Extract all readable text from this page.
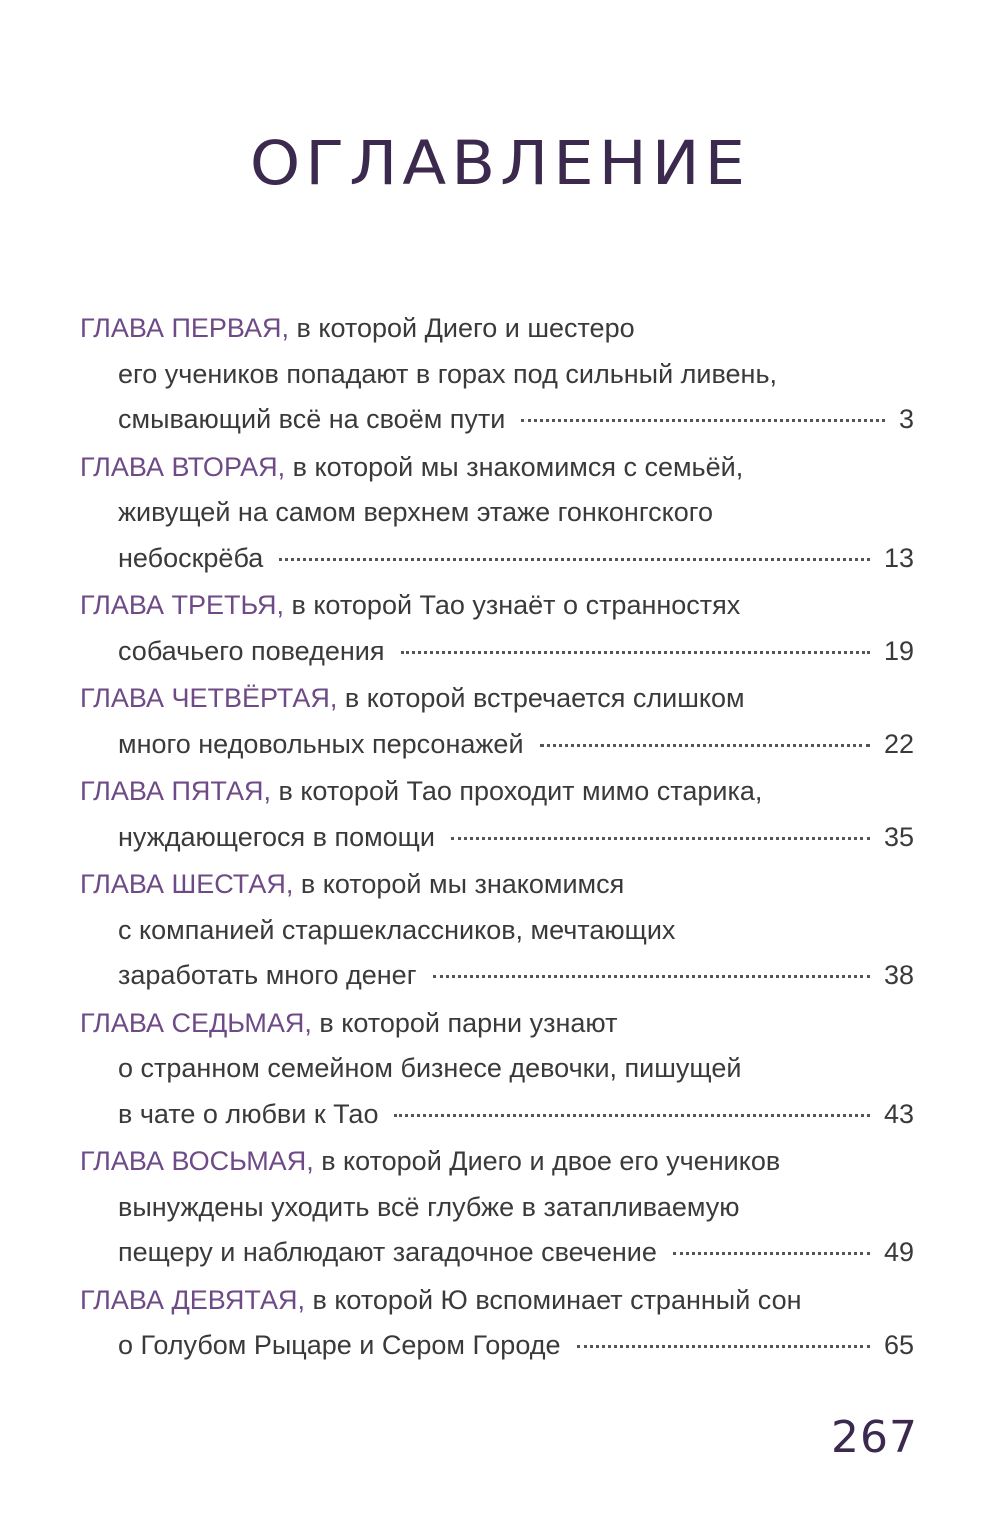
ОГЛАВЛЕНИЕ
ГЛАВА ПЕРВАЯ, в которой Диего и шестеро
его учеников попадают в горах под сильный ливень,
смывающий всё на своём пути	3
ГЛАВА ВТОРАЯ, в которой мы знакомимся с семьёй,
живущей на самом верхнем этаже гонконгского
небоскрёба	13
ГЛАВА ТРЕТЬЯ, в которой Тао узнаёт о странностях
собачьего поведения	19
ГЛАВА ЧЕТВЁРТАЯ, в которой встречается слишком
много недовольных персонажей	22
ГЛАВА ПЯТАЯ, в которой Тао проходит мимо старика,
нуждающегося в помощи	35
ГЛАВА ШЕСТАЯ, в которой мы знакомимся
с компанией старшеклассников, мечтающих
заработать много денег	38
ГЛАВА СЕДЬМАЯ, в которой парни узнают
о странном семейном бизнесе девочки, пишущей
в чате о любви к Тао	43
ГЛАВА ВОСЬМАЯ, в которой Диего и двое его учеников
вынуждены уходить всё глубже в затапливаемую
пещеру и наблюдают загадочное свечение	49
ГЛАВА ДЕВЯТАЯ, в которой Ю вспоминает странный сон
о Голубом Рыцаре и Сером Городе	65
267
